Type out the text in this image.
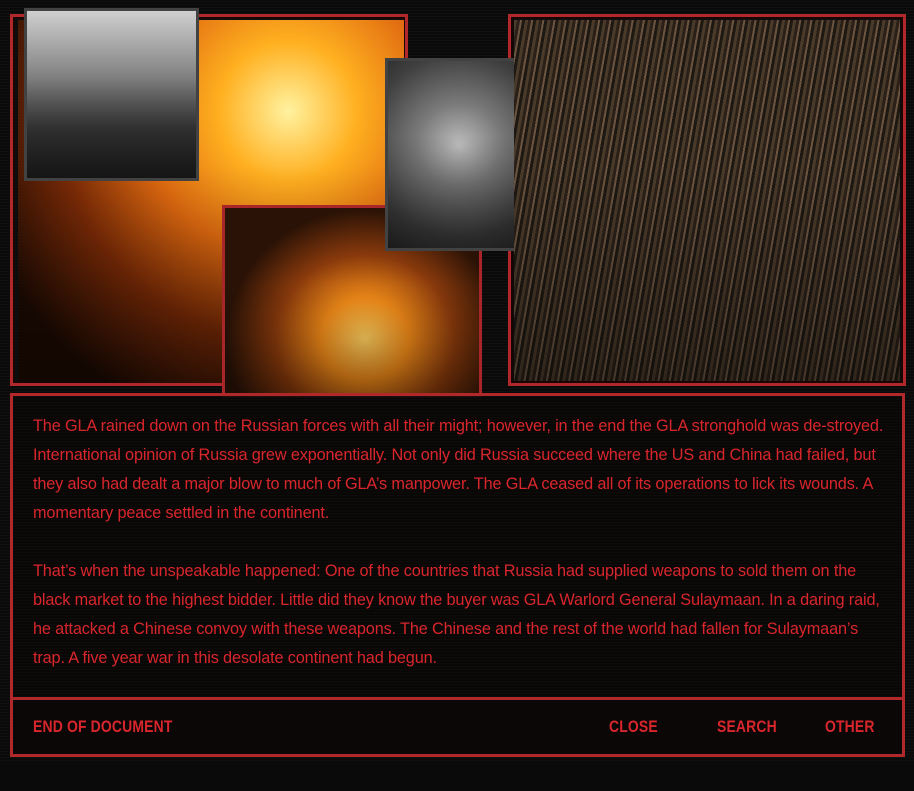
The GLA rained down on the Russian forces with all their might; however, in the end the GLA stronghold was de-stroyed. International opinion of Russia grew exponentially. Not only did Russia succeed where the US and China had failed, but they also had dealt a major blow to much of GLA’s manpower. The GLA ceased all of its operations to lick its wounds. A momentary peace settled in the continent.

That’s when the unspeakable happened: One of the countries that Russia had supplied weapons to sold them on the black market to the highest bidder. Little did they know the buyer was GLA Warlord General Sulaymaan. In a daring raid, he attacked a Chinese convoy with these weapons. The Chinese and the rest of the world had fallen for Sulaymaan’s trap. A five year war in this desolate continent had begun.

END OF DOCUMENT	CLOSE	SEARCH	OTHER
